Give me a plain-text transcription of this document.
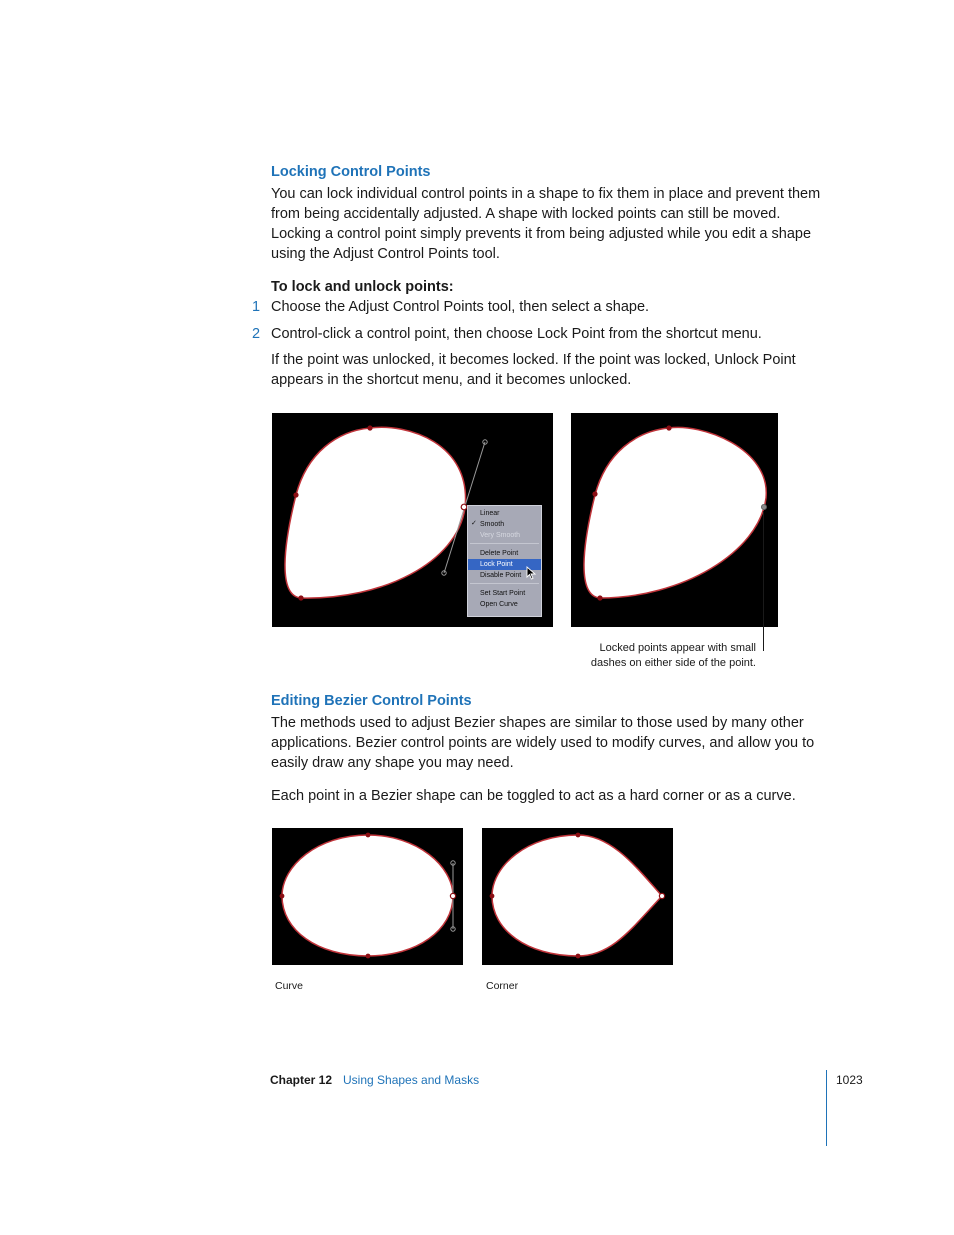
Locking Control Points
You can lock individual control points in a shape to fix them in place and prevent them
from being accidentally adjusted. A shape with locked points can still be moved.
Locking a control point simply prevents it from being adjusted while you edit a shape
using the Adjust Control Points tool.
To lock and unlock points:
1 Choose the Adjust Control Points tool, then select a shape.
2 Control-click a control point, then choose Lock Point from the shortcut menu.
If the point was unlocked, it becomes locked. If the point was locked, Unlock Point
appears in the shortcut menu, and it becomes unlocked.
Linear
✓ Smooth
Very Smooth
Delete Point
Lock Point
Disable Point
Set Start Point
Open Curve
Locked points appear with small
dashes on either side of the point.
Editing Bezier Control Points
The methods used to adjust Bezier shapes are similar to those used by many other
applications. Bezier control points are widely used to modify curves, and allow you to
easily draw any shape you may need.
Each point in a Bezier shape can be toggled to act as a hard corner or as a curve.
Curve	Corner
Chapter 12 Using Shapes and Masks	1023
